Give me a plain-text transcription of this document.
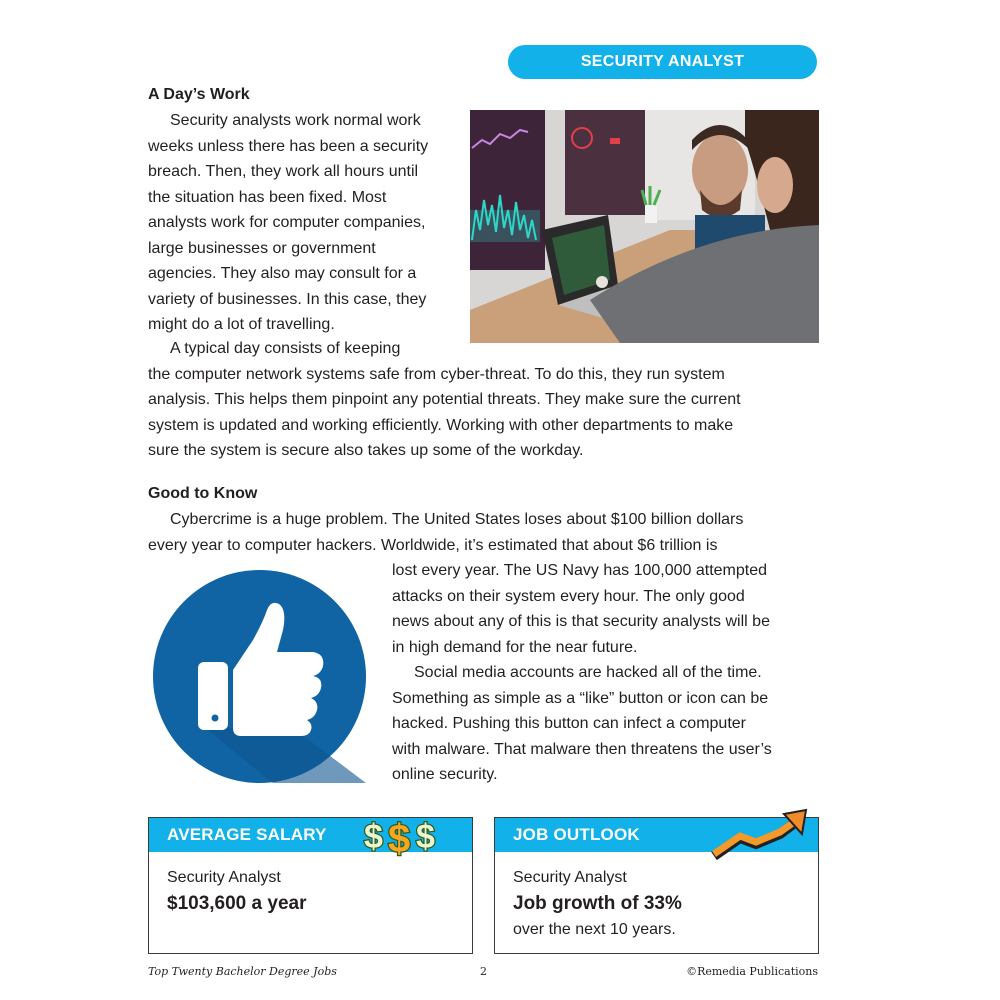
SECURITY ANALYST
A Day’s Work
Security analysts work normal work
weeks unless there has been a security
breach. Then, they work all hours until
the situation has been fixed. Most
analysts work for computer companies,
large businesses or government
agencies. They also may consult for a
variety of businesses. In this case, they
might do a lot of travelling.
A typical day consists of keeping
the computer network systems safe from cyber-threat. To do this, they run system
analysis. This helps them pinpoint any potential threats. They make sure the current
system is updated and working efficiently. Working with other departments to make
sure the system is secure also takes up some of the workday.
Good to Know
Cybercrime is a huge problem. The United States loses about $100 billion dollars
every year to computer hackers. Worldwide, it’s estimated that about $6 trillion is
lost every year. The US Navy has 100,000 attempted
attacks on their system every hour. The only good
news about any of this is that security analysts will be
in high demand for the near future.
Social media accounts are hacked all of the time.
Something as simple as a “like” button or icon can be
hacked. Pushing this button can infect a computer
with malware. That malware then threatens the user’s
online security.
AVERAGE SALARY
Security Analyst
$103,600 a year
$ $
$	JOB OUTLOOK
Security Analyst
Job growth of 33%
over the next 10 years.
Top Twenty Bachelor Degree Jobs	2	©Remedia Publications
